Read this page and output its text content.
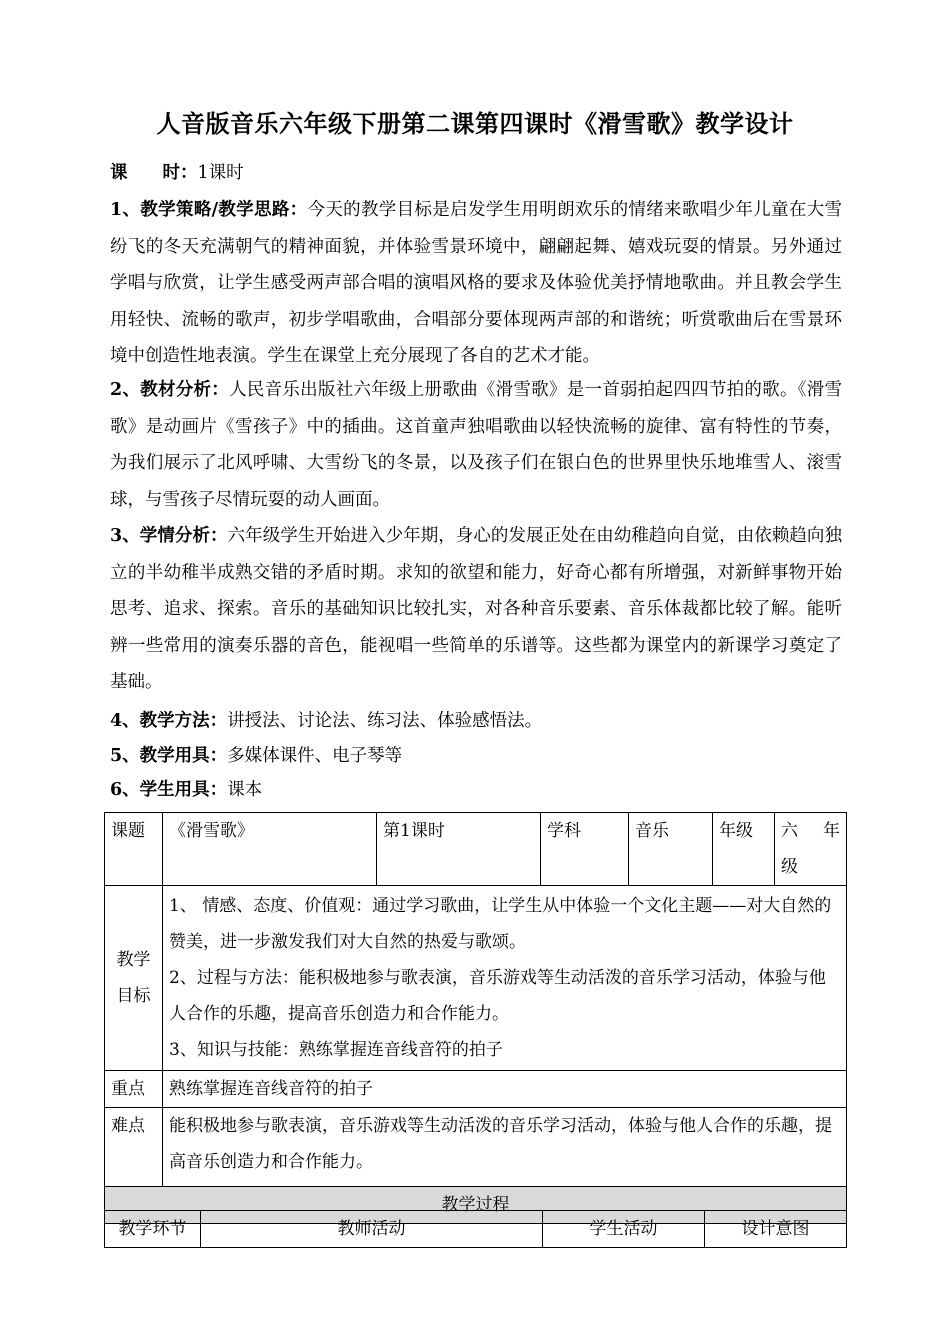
人音版音乐六年级下册第二课第四课时《滑雪歌》教学设计
课　　时：1课时
1、教学策略/教学思路：今天的教学目标是启发学生用明朗欢乐的情绪来歌唱少年儿童在大雪纷飞的冬天充满朝气的精神面貌，并体验雪景环境中，翩翩起舞、嬉戏玩耍的情景。另外通过学唱与欣赏，让学生感受两声部合唱的演唱风格的要求及体验优美抒情地歌曲。并且教会学生用轻快、流畅的歌声，初步学唱歌曲，合唱部分要体现两声部的和谐统；听赏歌曲后在雪景环境中创造性地表演。学生在课堂上充分展现了各自的艺术才能。
2、教材分析：人民音乐出版社六年级上册歌曲《滑雪歌》是一首弱拍起四四节拍的歌。《滑雪歌》是动画片《雪孩子》中的插曲。这首童声独唱歌曲以轻快流畅的旋律、富有特性的节奏，为我们展示了北风呼啸、大雪纷飞的冬景，以及孩子们在银白色的世界里快乐地堆雪人、滚雪球，与雪孩子尽情玩耍的动人画面。
3、学情分析：六年级学生开始进入少年期，身心的发展正处在由幼稚趋向自觉，由依赖趋向独立的半幼稚半成熟交错的矛盾时期。求知的欲望和能力，好奇心都有所增强，对新鲜事物开始思考、追求、探索。音乐的基础知识比较扎实，对各种音乐要素、音乐体裁都比较了解。能听辨一些常用的演奏乐器的音色，能视唱一些简单的乐谱等。这些都为课堂内的新课学习奠定了基础。
4、教学方法：讲授法、讨论法、练习法、体验感悟法。
5、教学用具：多媒体课件、电子琴等
6、学生用具：课本
课题	《滑雪歌》	第1课时	学科	音乐	年级	六　年级
教学目标	1、 情感、态度、价值观：通过学习歌曲，让学生从中体验一个文化主题——对大自然的赞美，进一步激发我们对大自然的热爱与歌颂。
2、过程与方法：能积极地参与歌表演，音乐游戏等生动活泼的音乐学习活动，体验与他人合作的乐趣，提高音乐创造力和合作能力。
3、知识与技能：熟练掌握连音线音符的拍子					

重点	熟练掌握连音线音符的拍子					
难点	能积极地参与歌表演，音乐游戏等生动活泼的音乐学习活动，体验与他人合作的乐趣，提高音乐创造力和合作能力。					
教学过程						
教学环节	教师活动	学生活动	设计意图
